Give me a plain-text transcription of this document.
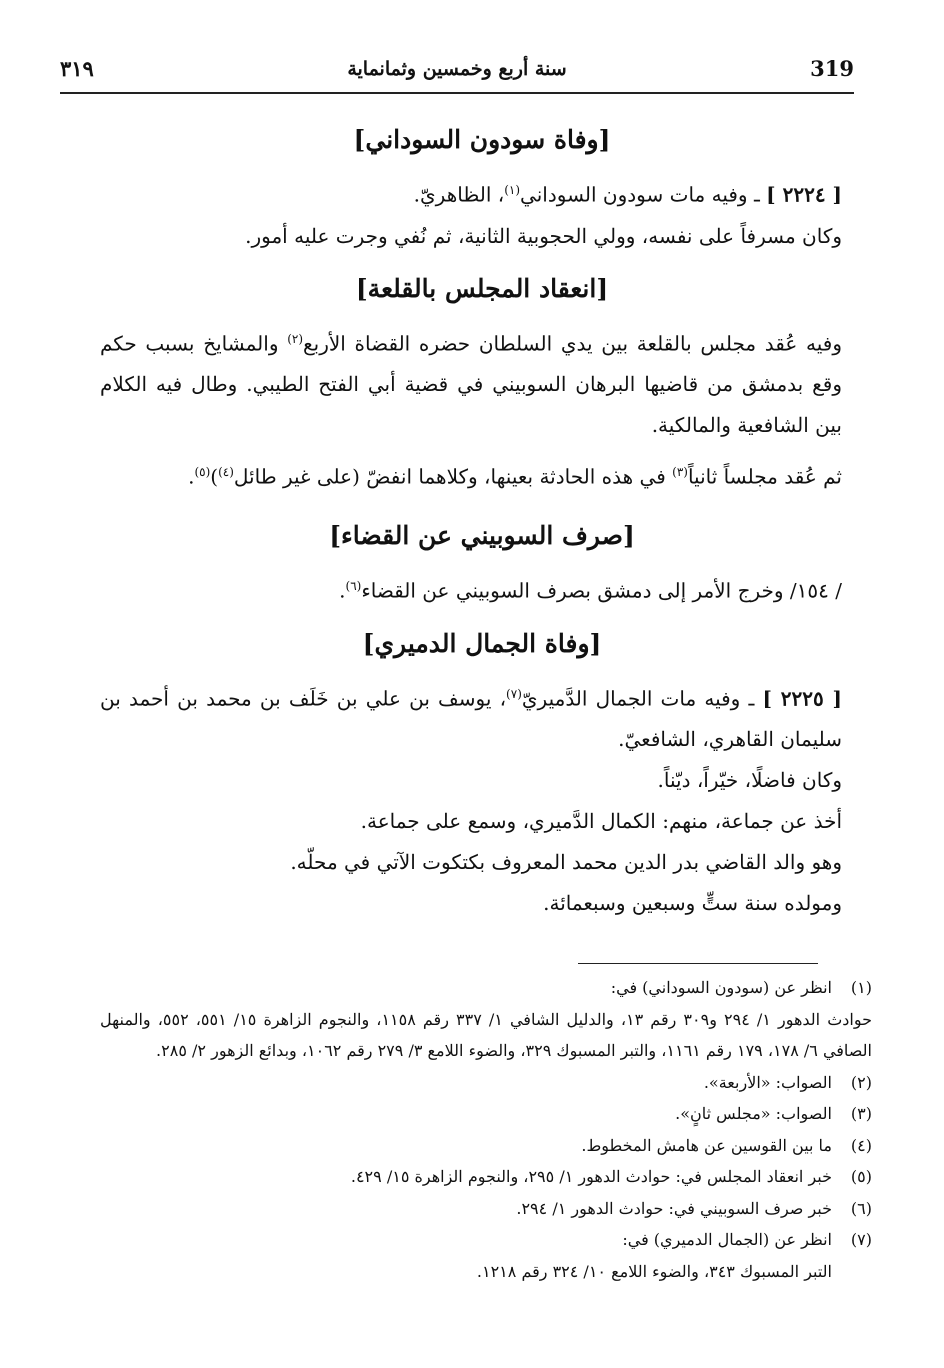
٣١٩	سنة أربع وخمسين وثمانماية	319
[وفاة سودون السوداني]

[ ٢٢٢٤ ] ـ وفيه مات سودون السوداني$^{(١)}$، الظاهريّ.

وكان مسرفاً على نفسه، وولي الحجوبية الثانية، ثم نُفي وجرت عليه أمور.

[انعقاد المجلس بالقلعة]

وفيه عُقد مجلس بالقلعة بين يدي السلطان حضره القضاة الأربع$^{(٢)}$ والمشايخ بسبب حكم وقع بدمشق من قاضيها البرهان السوبيني في قضية أبي الفتح الطيبي. وطال فيه الكلام بين الشافعية والمالكية.

ثم عُقد مجلساً ثانياً$^{(٣)}$ في هذه الحادثة بعينها، وكلاهما انفضّ (على غير طائل$^{(٤)}$)$^{(٥)}$.

[صرف السوبيني عن القضاء]

/ ١٥٤/ وخرج الأمر إلى دمشق بصرف السوبيني عن القضاء$^{(٦)}$.

[وفاة الجمال الدميري]

[ ٢٢٢٥ ] ـ وفيه مات الجمال الدَّميريّ$^{(٧)}$، يوسف بن علي بن خَلَف بن محمد بن أحمد بن سليمان القاهري، الشافعيّ.

وكان فاضلًا، خيّراً، ديّناً.

أخذ عن جماعة، منهم: الكمال الدَّميري، وسمع على جماعة.

وهو والد القاضي بدر الدين محمد المعروف بكتكوت الآتي في محلّه.

ومولده سنة ستٍّ وسبعين وسبعمائة.

(١)
انظر عن (سودون السوداني) في:
حوادث الدهور ١/ ٢٩٤ و٣٠٩ رقم ١٣، والدليل الشافي ١/ ٣٣٧ رقم ١١٥٨، والنجوم الزاهرة ١٥/ ٥٥١، ٥٥٢، والمنهل الصافي ٦/ ١٧٨، ١٧٩ رقم ١١٦١، والتبر المسبوك ٣٢٩، والضوء اللامع ٣/ ٢٧٩ رقم ١٠٦٢، وبدائع الزهور ٢/ ٢٨٥.
(٢)
الصواب: «الأربعة».
(٣)
الصواب: «مجلس ثانٍ».
(٤)
ما بين القوسين عن هامش المخطوط.
(٥)
خبر انعقاد المجلس في: حوادث الدهور ١/ ٢٩٥، والنجوم الزاهرة ١٥/ ٤٢٩.
(٦)
خبر صرف السوبيني في: حوادث الدهور ١/ ٢٩٤.
(٧)
انظر عن (الجمال الدميري) في:
التبر المسبوك ٣٤٣، والضوء اللامع ١٠/ ٣٢٤ رقم ١٢١٨.
